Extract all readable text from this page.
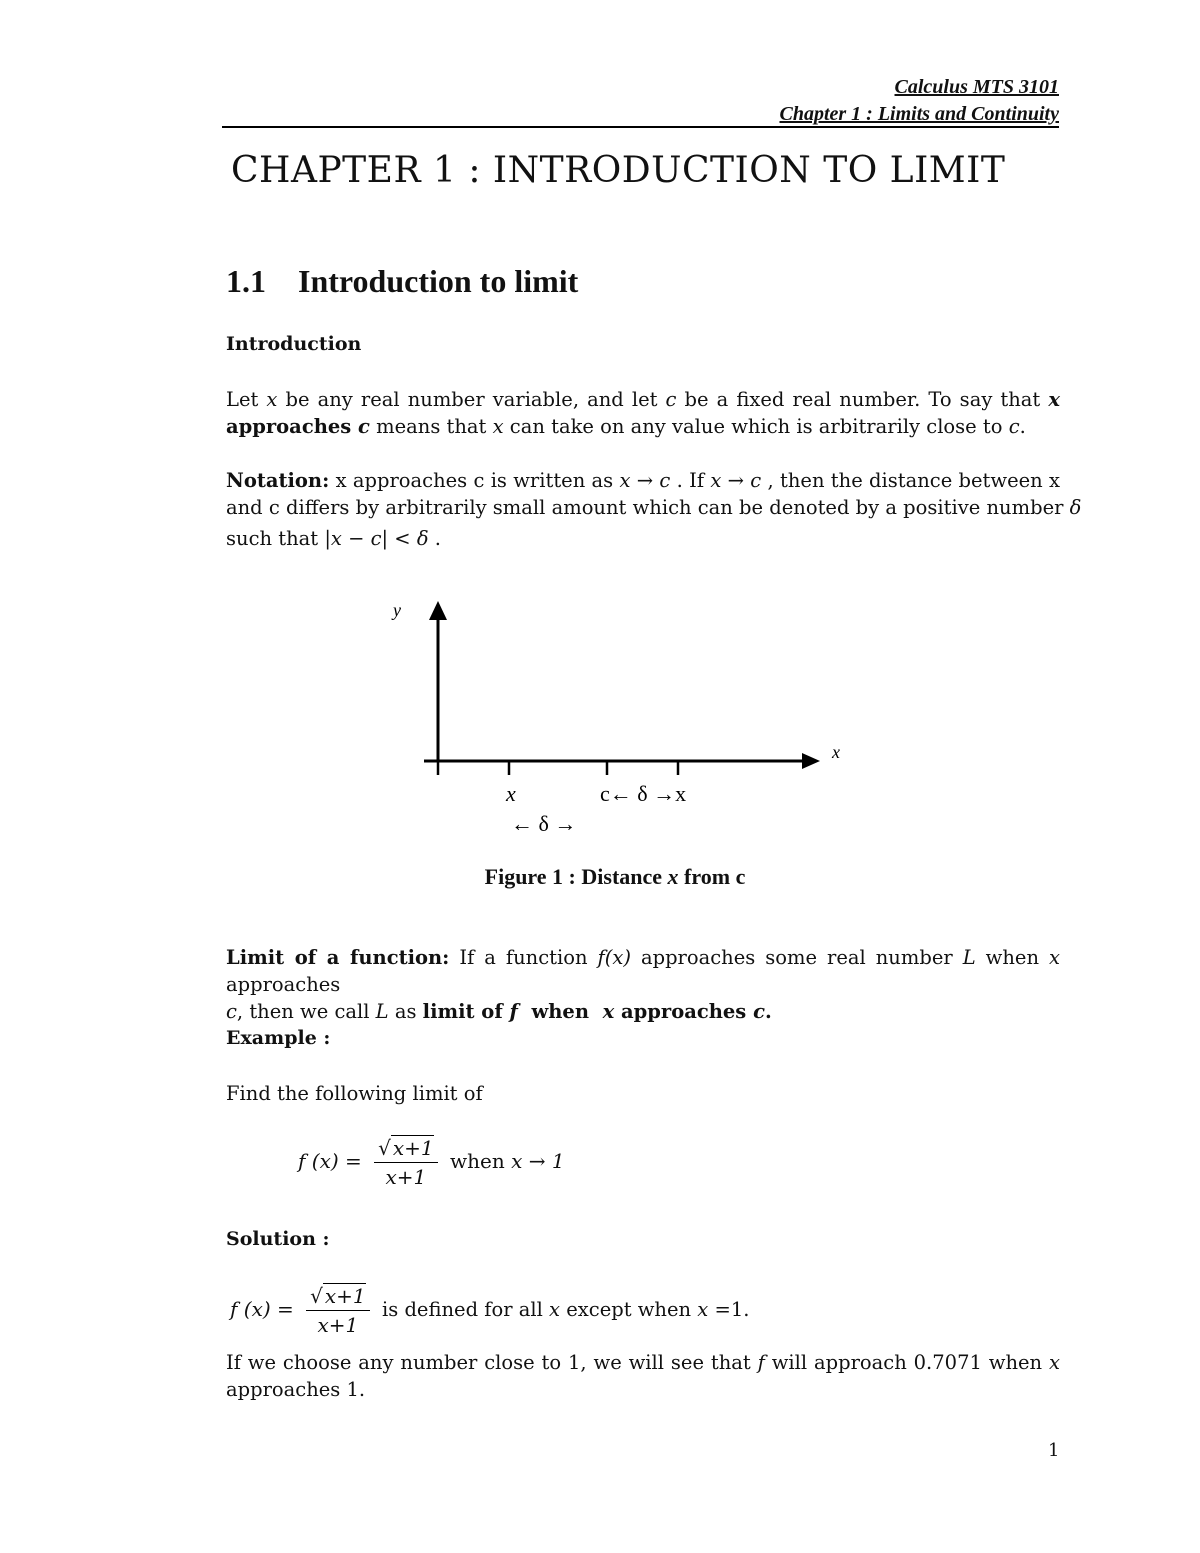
Calculus MTS 3101
Chapter 1 : Limits and Continuity
CHAPTER 1 : INTRODUCTION TO LIMIT
1.1 Introduction to limit
Introduction
Let x be any real number variable, and let c be a fixed real number. To say that x
approaches c means that x can take on any value which is arbitrarily close to c.
Notation: x approaches c is written as x → c . If x → c , then the distance between x
and c differs by arbitrarily small amount which can be denoted by a positive number δ
such that |x − c| < δ .
y
x
x	c← δ →x
← δ →
Figure 1 : Distance x from c
Limit of a function: If a function f(x) approaches some real number L when x approaches
c, then we call L as limit of f  when  x approaches c.
Example :
Find the following limit of
f $(x) = \frac{√ x+1}{x+1}$ when x → 1
Solution :
f $(x) = \frac{√ x+1}{x+1}$ is defined for all x except when x =1.
If we choose any number close to 1, we will see that f will approach 0.7071 when x
approaches 1.
1
